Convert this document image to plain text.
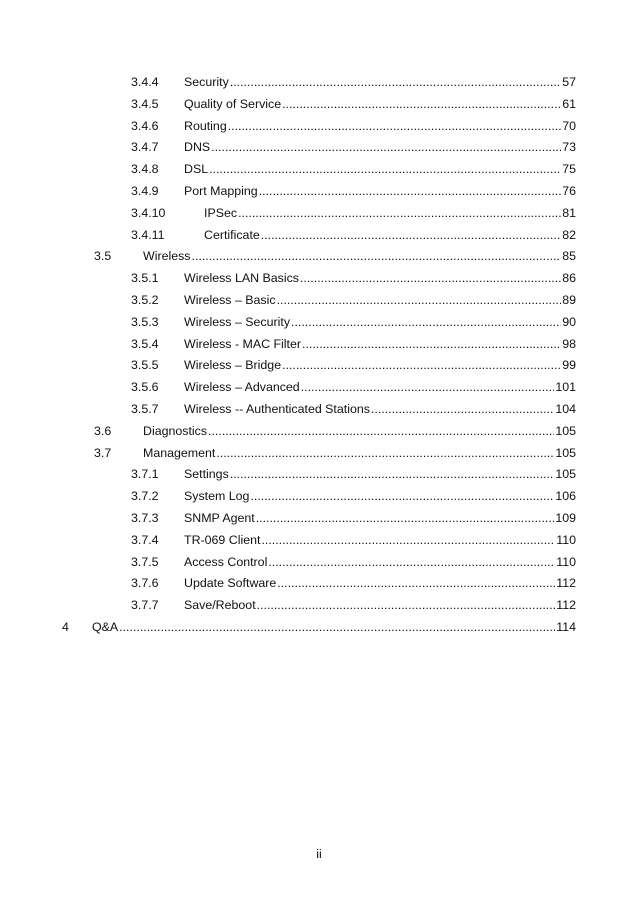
3.4.4 Security .....	57
3.4.5 Quality of Service .....	61
3.4.6 Routing .....	70
3.4.7 DNS .....	73
3.4.8 DSL .....	75
3.4.9 Port Mapping .....	76
3.4.10	IPSec .....	81
3.4.11	Certificate .....	82
3.5	Wireless .....	85
3.5.1 Wireless LAN Basics .....	86
3.5.2 Wireless – Basic .....	89
3.5.3 Wireless – Security .....	90
3.5.4 Wireless - MAC Filter .....	98
3.5.5 Wireless – Bridge .....	99
3.5.6 Wireless – Advanced .....	101
3.5.7 Wireless -- Authenticated Stations .....	104
3.6	Diagnostics .....	105
3.7	Management .....	105
3.7.1 Settings .....	105
3.7.2 System Log .....	106
3.7.3 SNMP Agent .....	109
3.7.4 TR-069 Client .....	110
3.7.5 Access Control .....	110
3.7.6 Update Software .....	112
3.7.7 Save/Reboot .....	112
4 Q&A .....	114
ii
